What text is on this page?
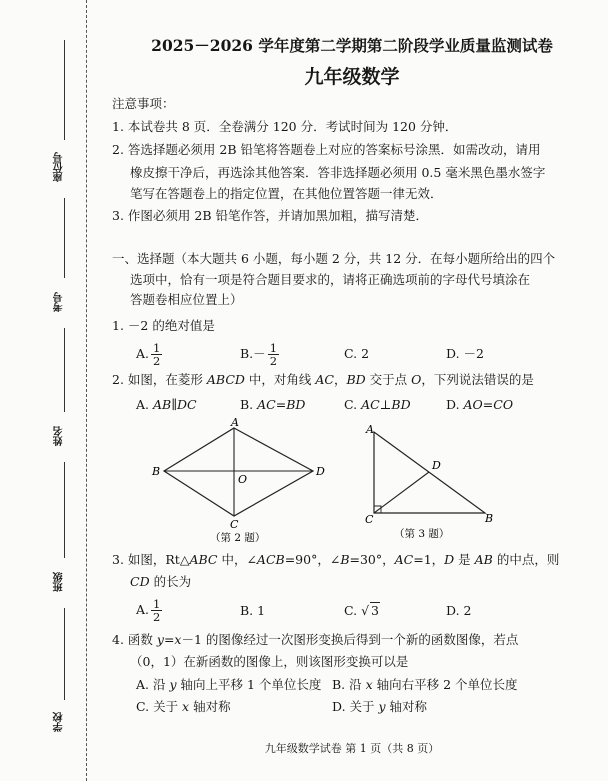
座位号
考号
姓名
班级
学校
2025－2026 学年度第二学期第二阶段学业质量监测试卷
九年级数学
注意事项：
1. 本试卷共 8 页．全卷满分 120 分．考试时间为 120 分钟．
2. 答选择题必须用 2B 铅笔将答题卷上对应的答案标号涂黑．如需改动，请用
橡皮擦干净后，再选涂其他答案．答非选择题必须用 0.5 毫米黑色墨水签字
笔写在答题卷上的指定位置，在其他位置答题一律无效．
3. 作图必须用 2B 铅笔作答，并请加黑加粗，描写清楚．
一、选择题（本大题共 6 小题，每小题 2 分，共 12 分．在每小题所给出的四个
选项中，恰有一项是符合题目要求的，请将正确选项前的字母代号填涂在
答题卷相应位置上）
1. －2 的绝对值是
A. $\frac{1}{2}$	$B.- \frac{1}{2}$	C. 2	D. －2
2. 如图，在菱形 ABCD 中，对角线 AC，BD 交于点 O，下列说法错误的是
A. AB∥DC	B. AC=BD	C. AC⊥BD	D. AO=CO
A
B	D
C
O
（第 2 题）
A
D
C	B
（第 3 题）
3. 如图，Rt△ABC 中，∠ACB=90°，∠B=30°，AC=1，D 是 AB 的中点，则
CD 的长为
A. $\frac{1}{2}$	B. 1	C. √ 3	D. 2
4. 函数 y=x－1 的图像经过一次图形变换后得到一个新的函数图像，若点
（0，1）在新函数的图像上，则该图形变换可以是
A. 沿 y 轴向上平移 1 个单位长度 B. 沿 x 轴向右平移 2 个单位长度
C. 关于 x 轴对称	D. 关于 y 轴对称
九年级数学试卷 第 1 页（共 8 页）
